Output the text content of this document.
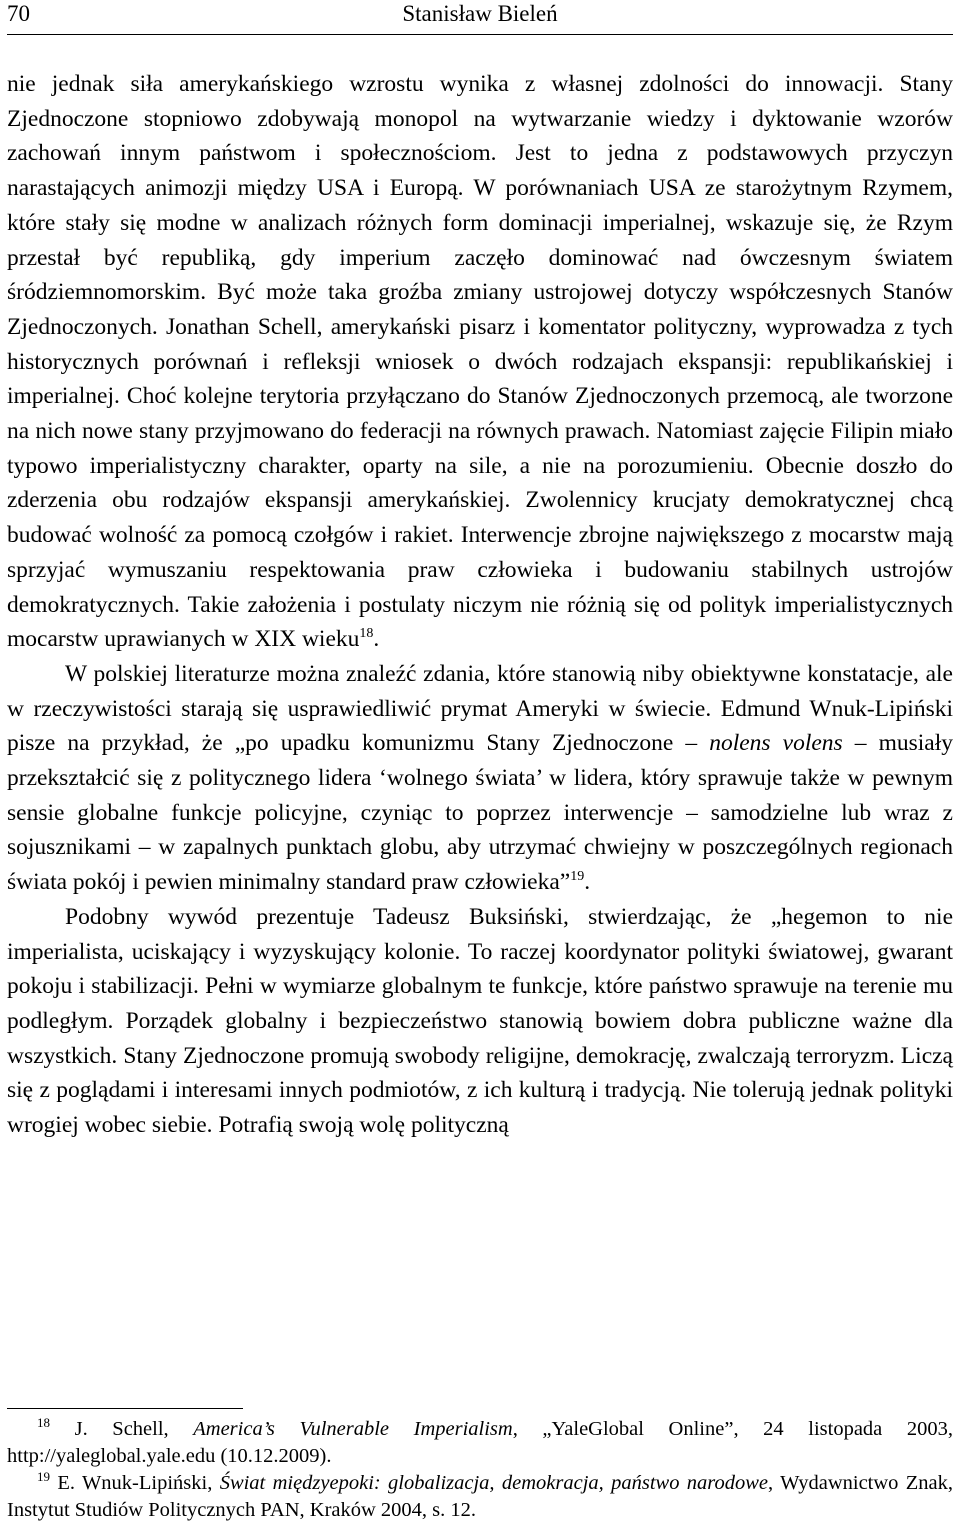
70	Stanisław Bieleń

nie jednak siła amerykańskiego wzrostu wynika z własnej zdolności do innowacji. Stany Zjednoczone stopniowo zdobywają monopol na wytwarzanie wiedzy i dyktowanie wzorów zachowań innym państwom i społecznościom. Jest to jedna z podstawowych przyczyn narastających animozji między USA i Europą. W porównaniach USA ze starożytnym Rzymem, które stały się modne w analizach różnych form dominacji imperialnej, wskazuje się, że Rzym przestał być republiką, gdy imperium zaczęło dominować nad ówczesnym światem śródziemnomorskim. Być może taka groźba zmiany ustrojowej dotyczy współczesnych Stanów Zjednoczonych. Jonathan Schell, amerykański pisarz i komentator polityczny, wyprowadza z tych historycznych porównań i refleksji wniosek o dwóch rodzajach ekspansji: republikańskiej i imperialnej. Choć kolejne terytoria przyłączano do Stanów Zjednoczonych przemocą, ale tworzone na nich nowe stany przyjmowano do federacji na równych prawach. Natomiast zajęcie Filipin miało typowo imperialistyczny charakter, oparty na sile, a nie na porozumieniu. Obecnie doszło do zderzenia obu rodzajów ekspansji amerykańskiej. Zwolennicy krucjaty demokratycznej chcą budować wolność za pomocą czołgów i rakiet. Interwencje zbrojne największego z mocarstw mają sprzyjać wymuszaniu respektowania praw człowieka i budowaniu stabilnych ustrojów demokratycznych. Takie założenia i postulaty niczym nie różnią się od polityk imperialistycznych mocarstw uprawianych w XIX wieku$^{18}$.

W polskiej literaturze można znaleźć zdania, które stanowią niby obiektywne konstatacje, ale w rzeczywistości starają się usprawiedliwić prymat Ameryki w świecie. Edmund Wnuk-Lipiński pisze na przykład, że „po upadku komunizmu Stany Zjednoczone – nolens volens – musiały przekształcić się z politycznego lidera ‘wolnego świata’ w lidera, który sprawuje także w pewnym sensie globalne funkcje policyjne, czyniąc to poprzez interwencje – samodzielne lub wraz z sojusznikami – w zapalnych punktach globu, aby utrzymać chwiejny w poszczególnych regionach świata pokój i pewien minimalny standard praw człowieka”$^{19}$.

Podobny wywód prezentuje Tadeusz Buksiński, stwierdzając, że „hegemon to nie imperialista, uciskający i wyzyskujący kolonie. To raczej koordynator polityki światowej, gwarant pokoju i stabilizacji. Pełni w wymiarze globalnym te funkcje, które państwo sprawuje na terenie mu podległym. Porządek globalny i bezpieczeństwo stanowią bowiem dobra publiczne ważne dla wszystkich. Stany Zjednoczone promują swobody religijne, demokrację, zwalczają terroryzm. Liczą się z poglądami i interesami innych podmiotów, z ich kulturą i tradycją. Nie tolerują jednak polityki wrogiej wobec siebie. Potrafią swoją wolę polityczną

$^{18}$ J. Schell, America’s Vulnerable Imperialism, „YaleGlobal Online”, 24 listopada 2003, http://yaleglobal.yale.edu (10.12.2009).

$^{19}$ E. Wnuk-Lipiński, Świat międzyepoki: globalizacja, demokracja, państwo narodowe, Wydawnictwo Znak, Instytut Studiów Politycznych PAN, Kraków 2004, s. 12.
